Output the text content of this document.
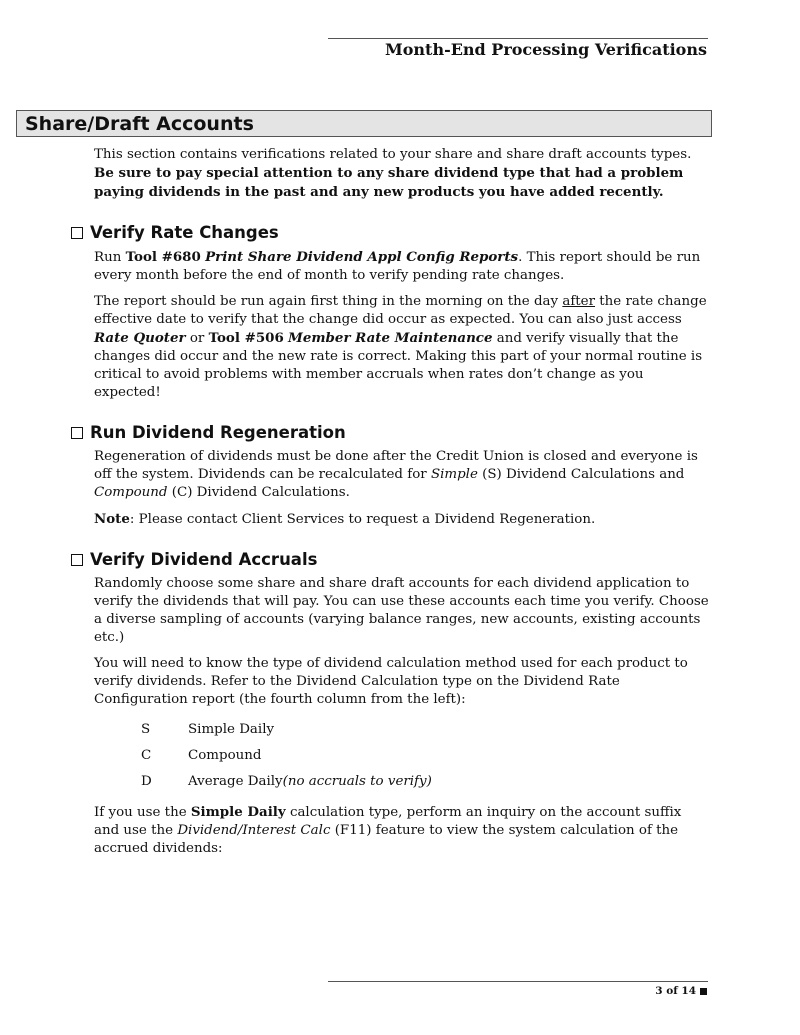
Month-End Processing Verifications
Share/Draft Accounts

This section contains verifications related to your share and share draft accounts types. Be sure to pay special attention to any share dividend type that had a problem paying dividends in the past and any new products you have added recently.

Verify Rate Changes

Run Tool #680 Print Share Dividend Appl Config Reports. This report should be run every month before the end of month to verify pending rate changes.

The report should be run again first thing in the morning on the day after the rate change effective date to verify that the change did occur as expected. You can also just access Rate Quoter or Tool #506 Member Rate Maintenance and verify visually that the changes did occur and the new rate is correct. Making this part of your normal routine is critical to avoid problems with member accruals when rates don’t change as you expected!

Run Dividend Regeneration

Regeneration of dividends must be done after the Credit Union is closed and everyone is off the system. Dividends can be recalculated for Simple (S) Dividend Calculations and Compound (C) Dividend Calculations.

Note: Please contact Client Services to request a Dividend Regeneration.

Verify Dividend Accruals

Randomly choose some share and share draft accounts for each dividend application to verify the dividends that will pay. You can use these accounts each time you verify. Choose a diverse sampling of accounts (varying balance ranges, new accounts, existing accounts etc.)

You will need to know the type of dividend calculation method used for each product to verify dividends. Refer to the Dividend Calculation type on the Dividend Rate Configuration report (the fourth column from the left):

S	Simple Daily
C	Compound
D	Average Daily (no accruals to verify)

If you use the Simple Daily calculation type, perform an inquiry on the account suffix and use the Dividend/Interest Calc (F11) feature to view the system calculation of the accrued dividends:

3 of 14
